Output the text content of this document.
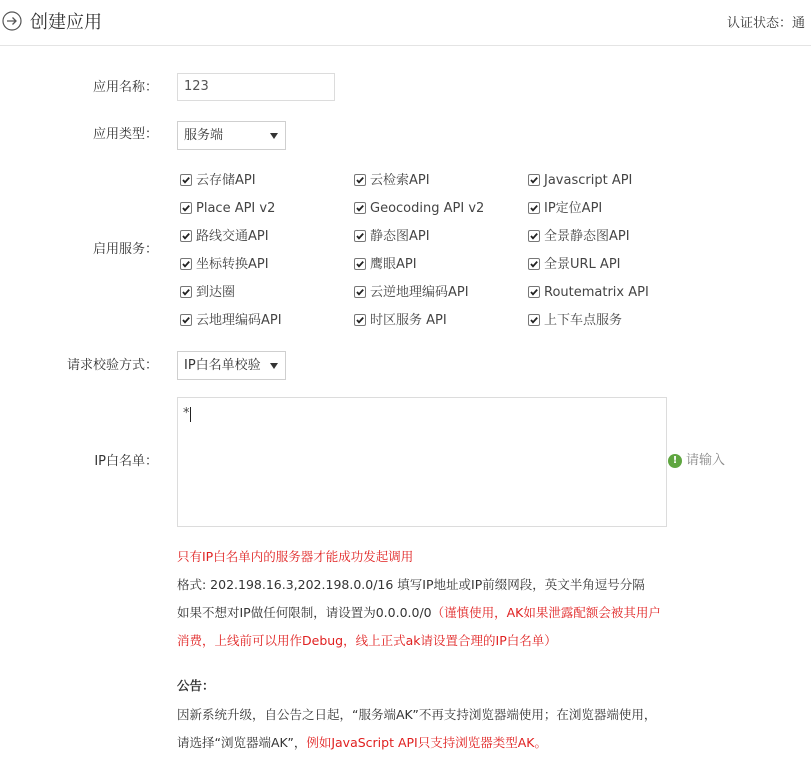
创建应用	认证状态：通
应用名称：	123
应用类型： 服务端
启用服务：
云存储API	云检索API	Javascript API
Place API v2	Geocoding API v2	IP定位API
路线交通API	静态图API	全景静态图API
坐标转换API	鹰眼API	全景URL API
到达圈	云逆地理编码API	Routematrix API
云地理编码API	时区服务 API	上下车点服务
请求校验方式： IP白名单校验
IP白名单：
*
! 请输入
只有IP白名单内的服务器才能成功发起调用
格式: 202.198.16.3,202.198.0.0/16 填写IP地址或IP前缀网段，英文半角逗号分隔
如果不想对IP做任何限制，请设置为0.0.0.0/0（谨慎使用，AK如果泄露配额会被其用户
消费，上线前可以用作Debug，线上正式ak请设置合理的IP白名单）
公告：
因新系统升级，自公告之日起，“服务端AK”不再支持浏览器端使用；在浏览器端使用，
请选择“浏览器端AK”，例如JavaScript API只支持浏览器类型AK。
